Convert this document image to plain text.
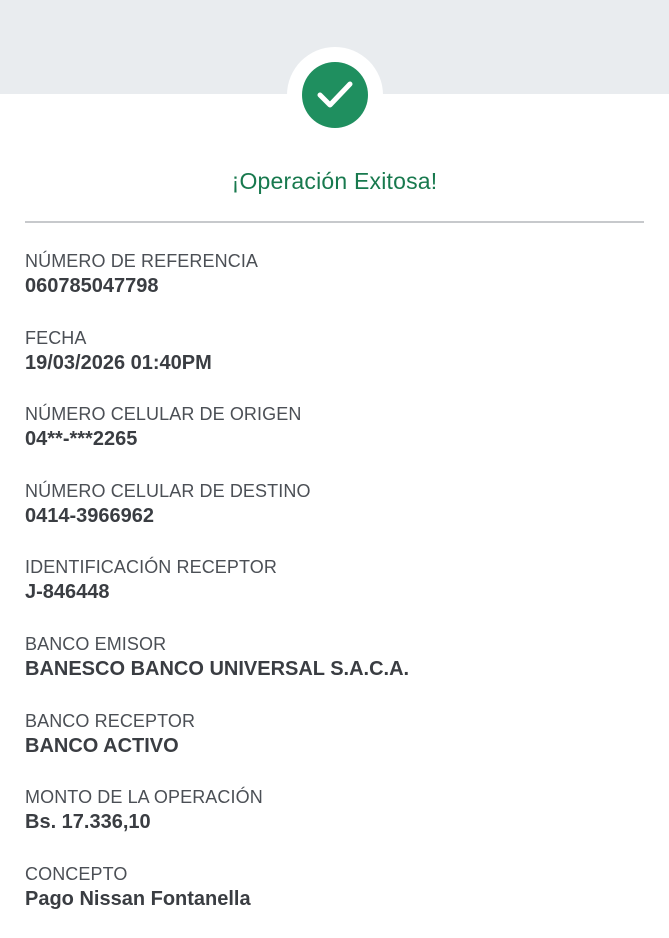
¡Operación Exitosa!
NÚMERO DE REFERENCIA
060785047798
FECHA
19/03/2026 01:40PM
NÚMERO CELULAR DE ORIGEN
04**-***2265
NÚMERO CELULAR DE DESTINO
0414-3966962
IDENTIFICACIÓN RECEPTOR
J-846448
BANCO EMISOR
BANESCO BANCO UNIVERSAL S.A.C.A.
BANCO RECEPTOR
BANCO ACTIVO
MONTO DE LA OPERACIÓN
Bs. 17.336,10
CONCEPTO
Pago Nissan Fontanella
